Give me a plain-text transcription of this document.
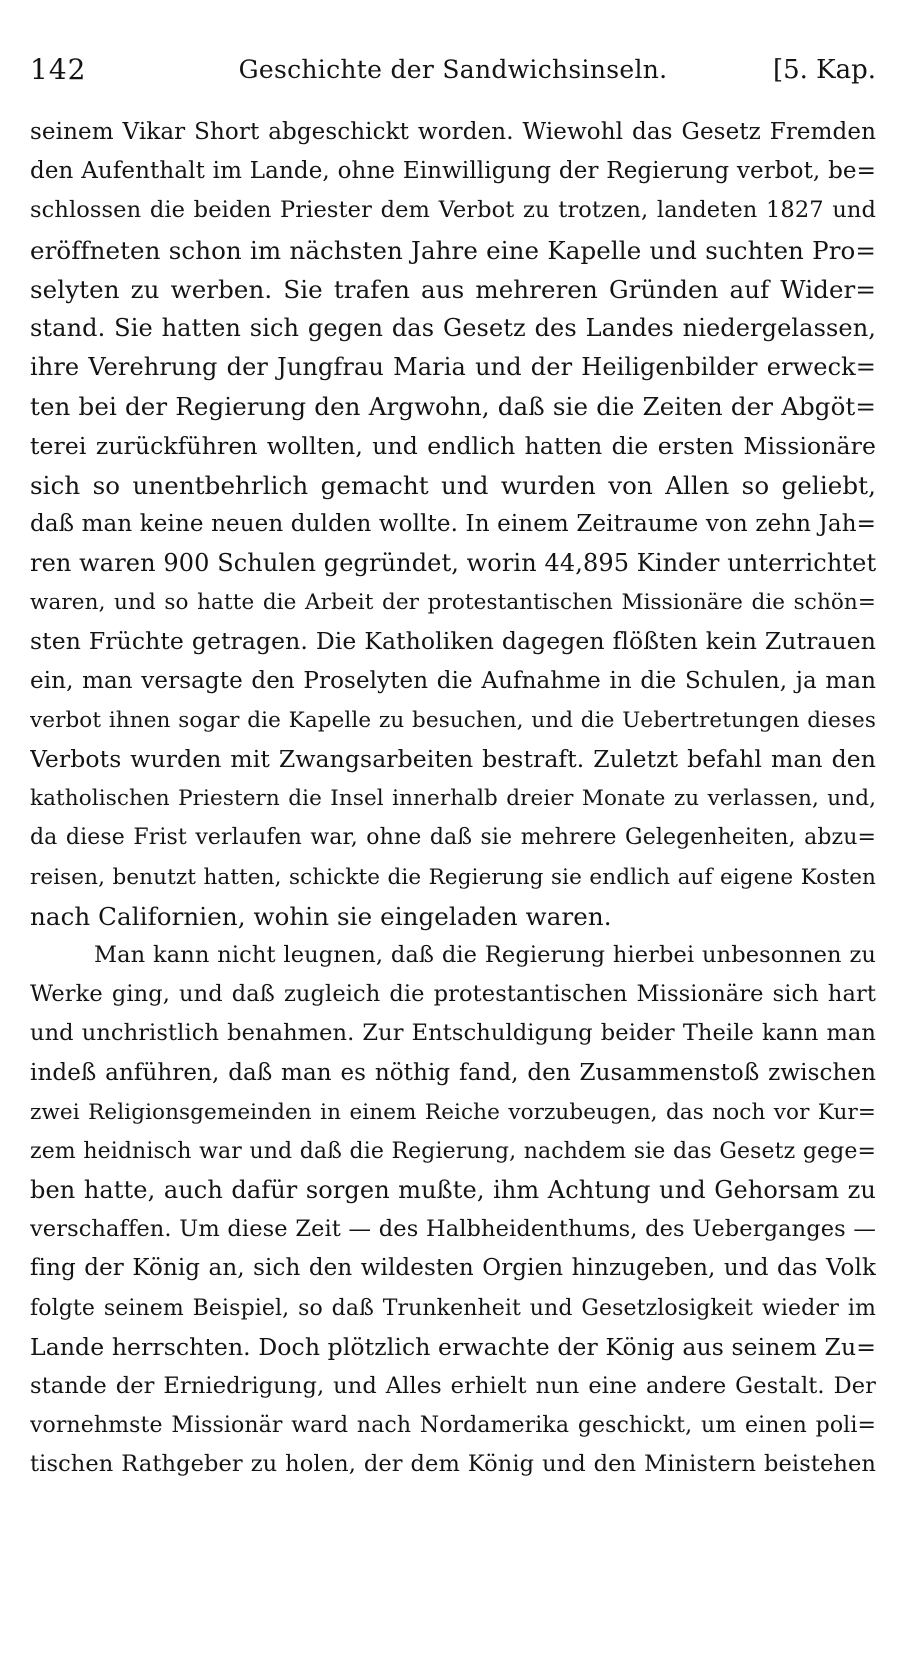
142	Geschichte der Sandwichsinseln.	[5. Kap.
seinem Vikar Short abgeschickt worden. Wiewohl das Gesetz Fremden
den Aufenthalt im Lande, ohne Einwilligung der Regierung verbot, be=
schlossen die beiden Priester dem Verbot zu trotzen, landeten 1827 und
eröffneten schon im nächsten Jahre eine Kapelle und suchten Pro=
selyten zu werben. Sie trafen aus mehreren Gründen auf Wider=
stand. Sie hatten sich gegen das Gesetz des Landes niedergelassen,
ihre Verehrung der Jungfrau Maria und der Heiligenbilder erweck=
ten bei der Regierung den Argwohn, daß sie die Zeiten der Abgöt=
terei zurückführen wollten, und endlich hatten die ersten Missionäre
sich so unentbehrlich gemacht und wurden von Allen so geliebt,
daß man keine neuen dulden wollte. In einem Zeitraume von zehn Jah=
ren waren 900 Schulen gegründet, worin 44,895 Kinder unterrichtet
waren, und so hatte die Arbeit der protestantischen Missionäre die schön=
sten Früchte getragen. Die Katholiken dagegen flößten kein Zutrauen
ein, man versagte den Proselyten die Aufnahme in die Schulen, ja man
verbot ihnen sogar die Kapelle zu besuchen, und die Uebertretungen dieses
Verbots wurden mit Zwangsarbeiten bestraft. Zuletzt befahl man den
katholischen Priestern die Insel innerhalb dreier Monate zu verlassen, und,
da diese Frist verlaufen war, ohne daß sie mehrere Gelegenheiten, abzu=
reisen, benutzt hatten, schickte die Regierung sie endlich auf eigene Kosten
nach Californien, wohin sie eingeladen waren.
Man kann nicht leugnen, daß die Regierung hierbei unbesonnen zu
Werke ging, und daß zugleich die protestantischen Missionäre sich hart
und unchristlich benahmen. Zur Entschuldigung beider Theile kann man
indeß anführen, daß man es nöthig fand, den Zusammenstoß zwischen
zwei Religionsgemeinden in einem Reiche vorzubeugen, das noch vor Kur=
zem heidnisch war und daß die Regierung, nachdem sie das Gesetz gege=
ben hatte, auch dafür sorgen mußte, ihm Achtung und Gehorsam zu
verschaffen. Um diese Zeit — des Halbheidenthums, des Ueberganges —
fing der König an, sich den wildesten Orgien hinzugeben, und das Volk
folgte seinem Beispiel, so daß Trunkenheit und Gesetzlosigkeit wieder im
Lande herrschten. Doch plötzlich erwachte der König aus seinem Zu=
stande der Erniedrigung, und Alles erhielt nun eine andere Gestalt. Der
vornehmste Missionär ward nach Nordamerika geschickt, um einen poli=
tischen Rathgeber zu holen, der dem König und den Ministern beistehen
